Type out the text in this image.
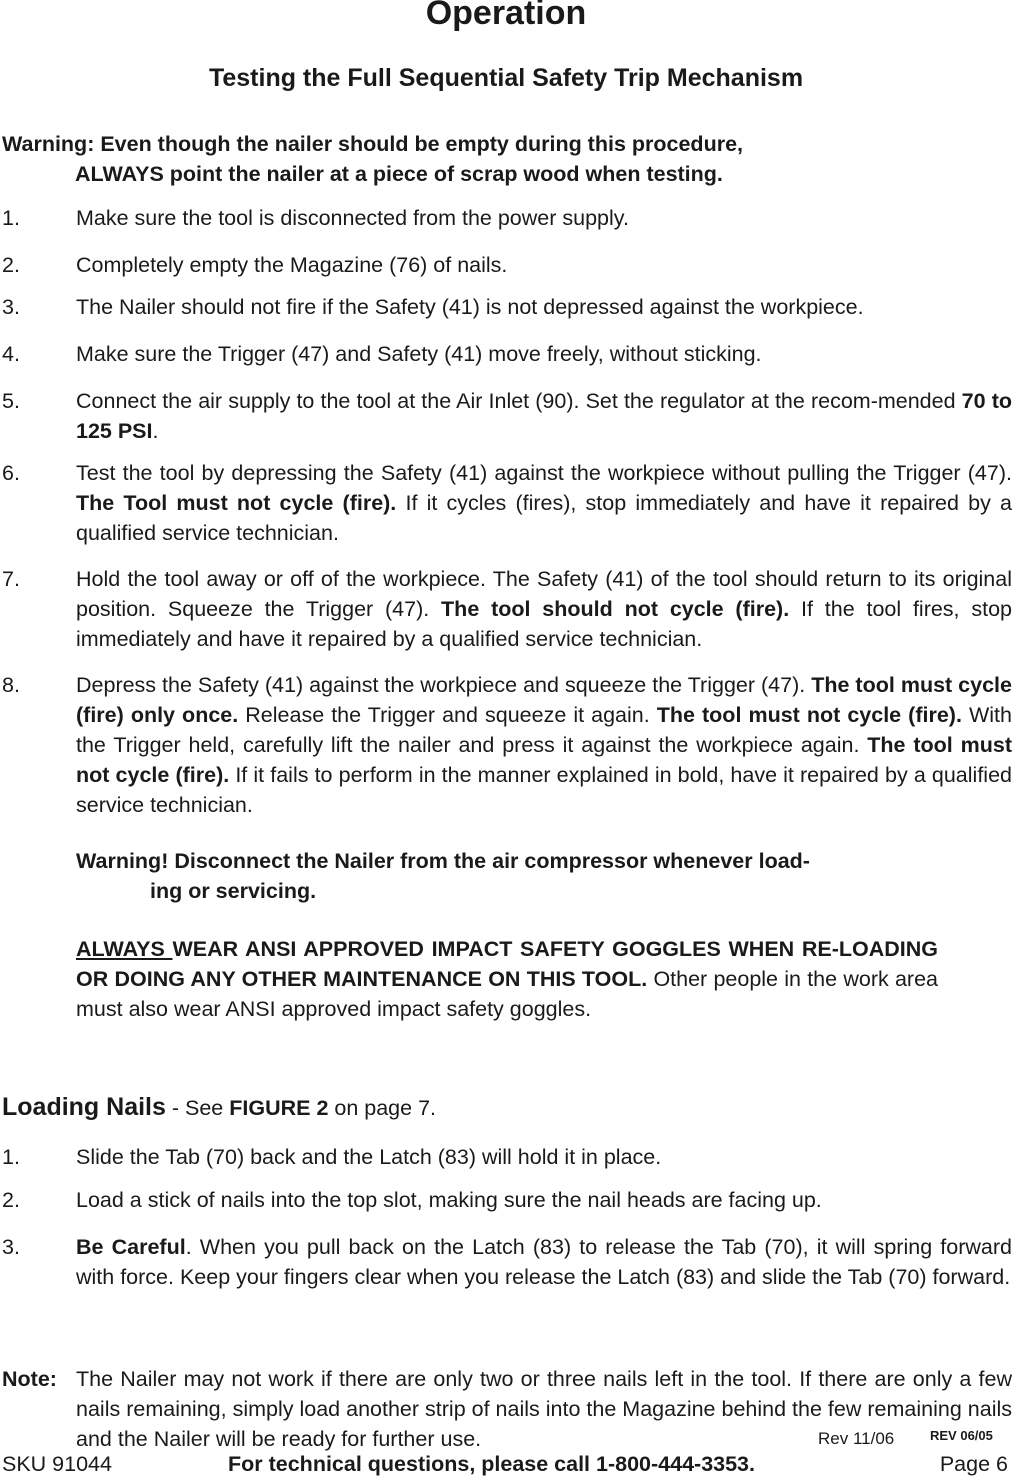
Operation
Testing the Full Sequential Safety Trip Mechanism
Warning: Even though the nailer should be empty during this procedure,
ALWAYS point the nailer at a piece of scrap wood when testing.
1.	Make sure the tool is disconnected from the power supply.
2.	Completely empty the Magazine (76) of nails.
3.	The Nailer should not fire if the Safety (41) is not depressed against the workpiece.
4.	Make sure the Trigger (47) and Safety (41) move freely, without sticking.
5.	Connect the air supply to the tool at the Air Inlet (90). Set the regulator at the recom-mended 70 to 125 PSI.
6.	Test the tool by depressing the Safety (41) against the workpiece without pulling the Trigger (47). The Tool must not cycle (fire). If it cycles (fires), stop immediately and have it repaired by a qualified service technician.
7.	Hold the tool away or off of the workpiece. The Safety (41) of the tool should return to its original position. Squeeze the Trigger (47). The tool should not cycle (fire). If the tool fires, stop immediately and have it repaired by a qualified service technician.
8.	Depress the Safety (41) against the workpiece and squeeze the Trigger (47). The tool must cycle (fire) only once. Release the Trigger and squeeze it again. The tool must not cycle (fire). With the Trigger held, carefully lift the nailer and press it against the workpiece again. The tool must not cycle (fire). If it fails to perform in the manner explained in bold, have it repaired by a qualified service technician.
Warning! Disconnect the Nailer from the air compressor whenever load-
ing or servicing.
ALWAYS WEAR ANSI APPROVED IMPACT SAFETY GOGGLES WHEN RE-LOADING OR DOING ANY OTHER MAINTENANCE ON THIS TOOL. Other people in the work area must also wear ANSI approved impact safety goggles.
Loading Nails - See FIGURE 2 on page 7.
1.	Slide the Tab (70) back and the Latch (83) will hold it in place.
2.	Load a stick of nails into the top slot, making sure the nail heads are facing up.
3.	Be Careful. When you pull back on the Latch (83) to release the Tab (70), it will spring forward with force. Keep your fingers clear when you release the Latch (83) and slide the Tab (70) forward.
Note: The Nailer may not work if there are only two or three nails left in the tool. If there are only a few nails remaining, simply load another strip of nails into the Magazine behind the few remaining nails and the Nailer will be ready for further use.	Rev 11/06	REV 06/05
SKU 91044	For technical questions, please call 1-800-444-3353.	Page 6
